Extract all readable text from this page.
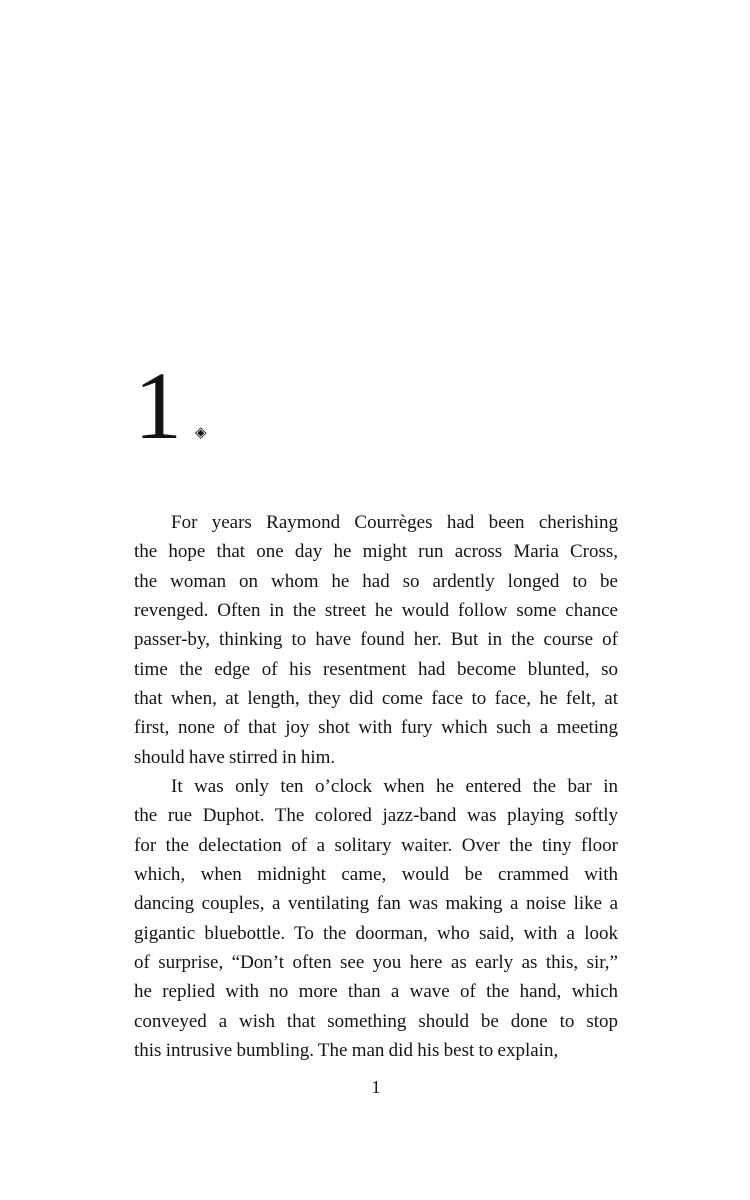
1 ◈
For years Raymond Courrèges had been cherishing
the hope that one day he might run across Maria Cross,
the woman on whom he had so ardently longed to be
revenged. Often in the street he would follow some chance
passer-by, thinking to have found her. But in the course of
time the edge of his resentment had become blunted, so
that when, at length, they did come face to face, he felt, at
first, none of that joy shot with fury which such a meeting
should have stirred in him.
It was only ten o’clock when he entered the bar in
the rue Duphot. The colored jazz-band was playing softly
for the delectation of a solitary waiter. Over the tiny floor
which, when midnight came, would be crammed with
dancing couples, a ventilating fan was making a noise like a
gigantic bluebottle. To the doorman, who said, with a look
of surprise, “Don’t often see you here as early as this, sir,”
he replied with no more than a wave of the hand, which
conveyed a wish that something should be done to stop
this intrusive bumbling. The man did his best to explain,
1
